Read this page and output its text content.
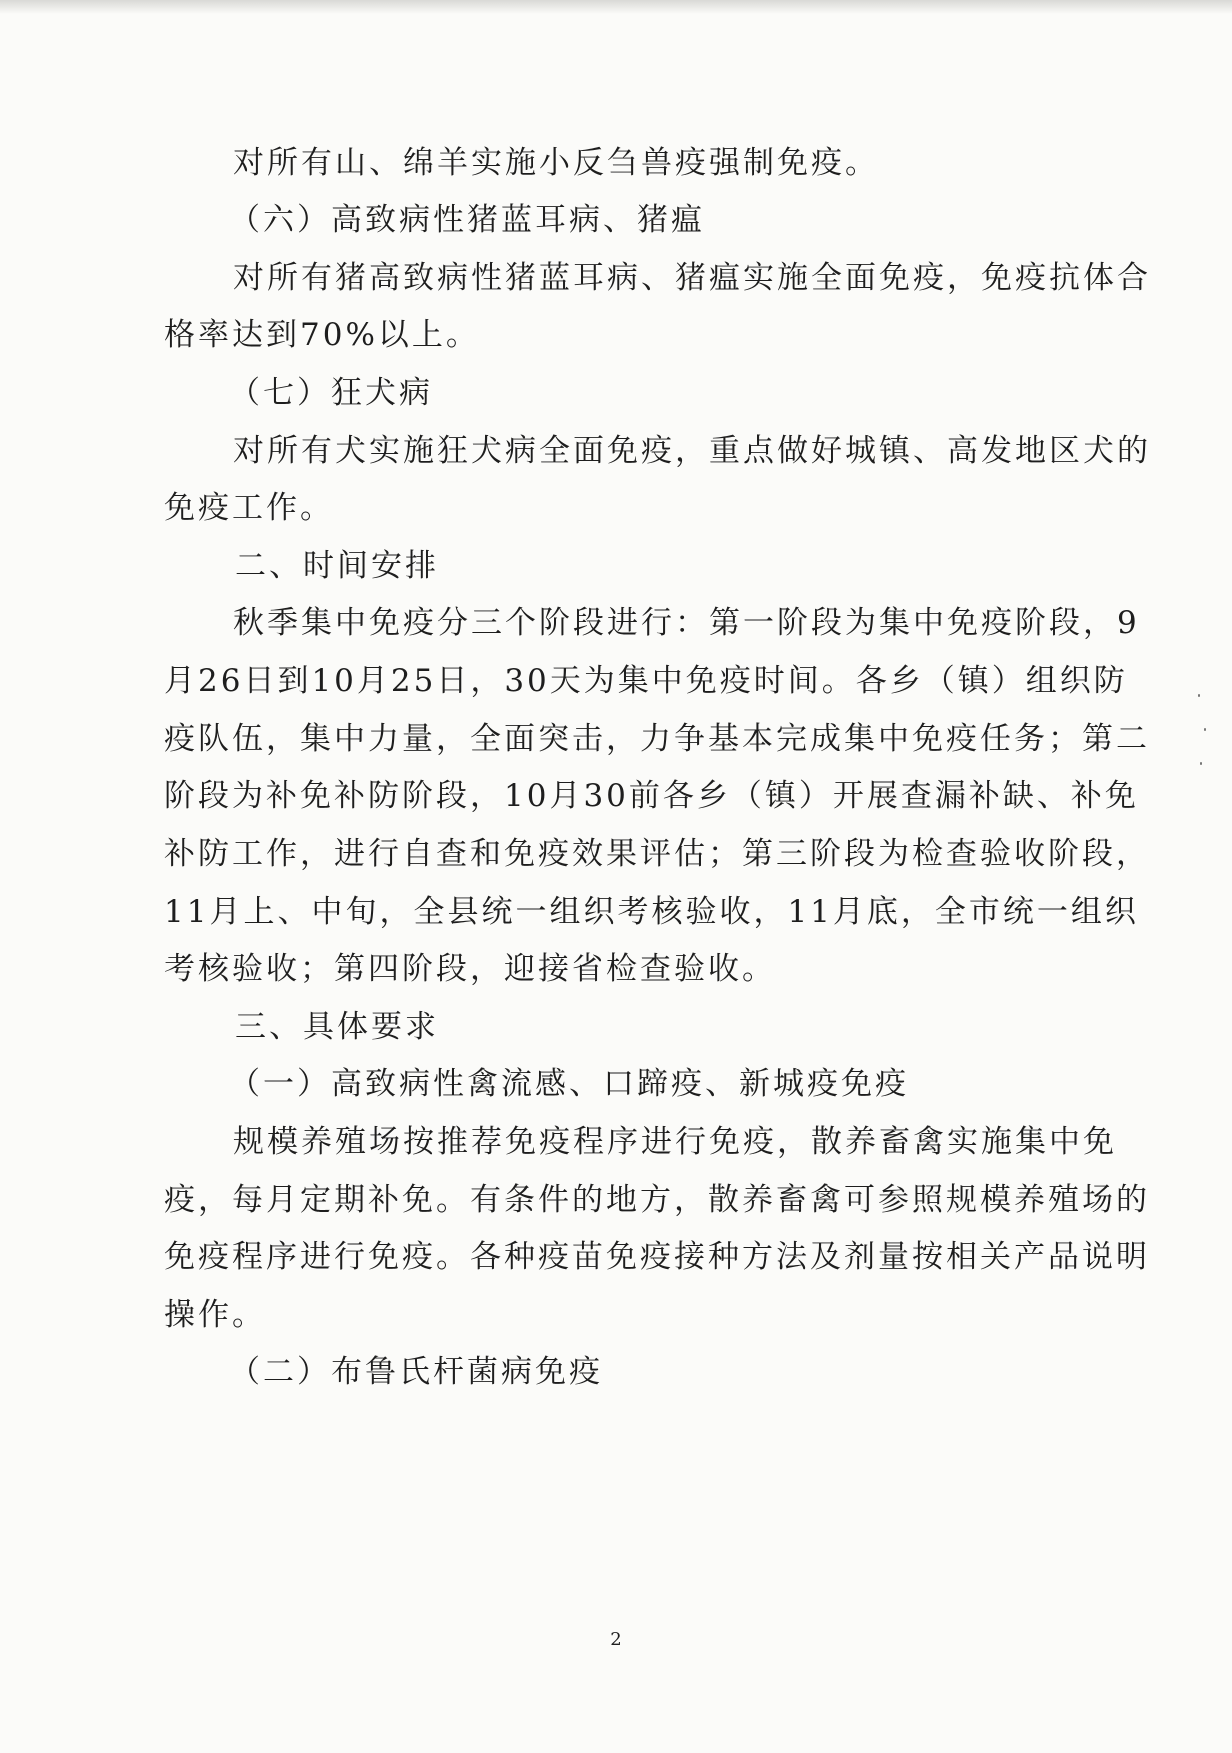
对所有山、绵羊实施小反刍兽疫强制免疫。
（六）高致病性猪蓝耳病、猪瘟
对所有猪高致病性猪蓝耳病、猪瘟实施全面免疫，免疫抗体合
格率达到70%以上。
（七）狂犬病
对所有犬实施狂犬病全面免疫，重点做好城镇、高发地区犬的
免疫工作。
二、时间安排
秋季集中免疫分三个阶段进行：第一阶段为集中免疫阶段，9
月26日到10月25日，30天为集中免疫时间。各乡（镇）组织防
疫队伍，集中力量，全面突击，力争基本完成集中免疫任务；第二
阶段为补免补防阶段，10月30前各乡（镇）开展查漏补缺、补免
补防工作，进行自查和免疫效果评估；第三阶段为检查验收阶段，
11月上、中旬，全县统一组织考核验收，11月底，全市统一组织
考核验收；第四阶段，迎接省检查验收。
三、具体要求
（一）高致病性禽流感、口蹄疫、新城疫免疫
规模养殖场按推荐免疫程序进行免疫，散养畜禽实施集中免
疫，每月定期补免。有条件的地方，散养畜禽可参照规模养殖场的
免疫程序进行免疫。各种疫苗免疫接种方法及剂量按相关产品说明
操作。
（二）布鲁氏杆菌病免疫
2
